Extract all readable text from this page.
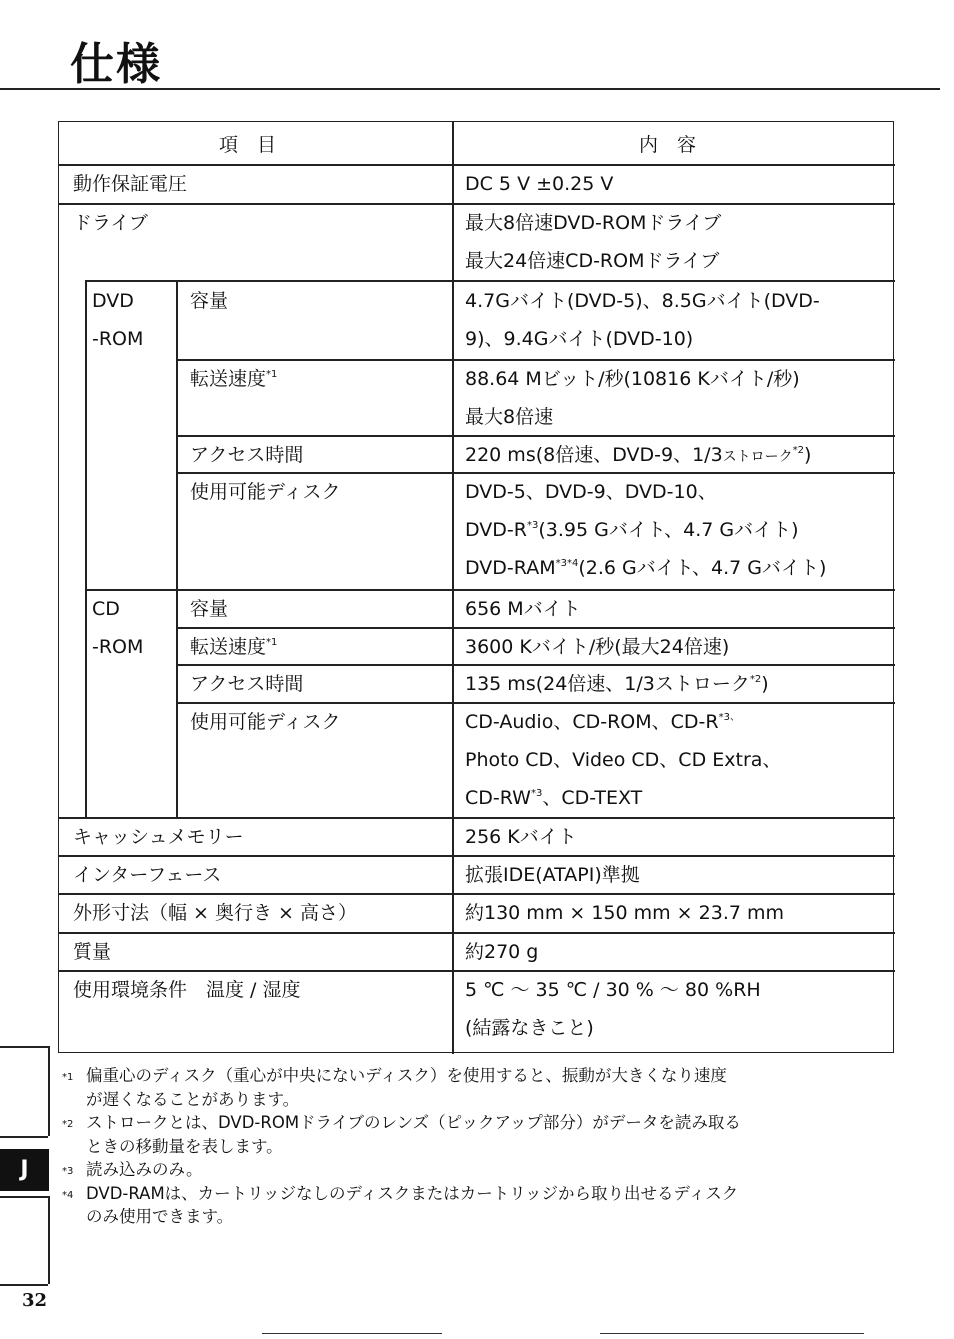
仕様
項　目	内　容
動作保証電圧	DC 5 V ±0.25 V
ドライブ	最大8倍速DVD-ROMドライブ
最大24倍速CD-ROMドライブ
DVD
-ROM
容量	4.7Gバイト(DVD-5)、8.5Gバイト(DVD-
9)、9.4Gバイト(DVD-10)
転送速度$^{*1}$	88.64 Mビット/秒(10816 Kバイト/秒)
最大8倍速
アクセス時間	220 ms(8倍速、DVD-9、1/3ストローク$^{*2}$)
使用可能ディスク	DVD-5、DVD-9、DVD-10、
DVD-$R^{*3}(3.95$ Gバイト、4.7 Gバイト)
DVD-$RAM^{*3*4}(2.6$ Gバイト、4.7 Gバイト)
CD
-ROM
容量	656 Mバイト
転送速度$^{*1}$	3600 Kバイト/秒(最大24倍速)
アクセス時間	135 ms(24倍速、1/3ストローク$^{*2}$)
使用可能ディスク	CD-Audio、CD-ROM、$CD-R^{*3、}$
Photo CD、Video CD、CD Extra、
CD-RW$^{*3}$、CD-TEXT
キャッシュメモリー	256 Kバイト
インターフェース	拡張IDE(ATAPI)準拠
外形寸法（幅 × 奥行き × 高さ）	約130 mm × 150 mm × 23.7 mm
質量	約270 g
使用環境条件　温度 / 湿度	5 ℃ 〜 35 ℃ / 30 % 〜 80 %RH
(結露なきこと)
*1 偏重心のディスク（重心が中央にないディスク）を使用すると、振動が大きくなり速度
が遅くなることがあります。
*2 ストロークとは、DVD-ROMドライブのレンズ（ピックアップ部分）がデータを読み取る
ときの移動量を表します。
*3 読み込みのみ。
*4 DVD-RAMは、カートリッジなしのディスクまたはカートリッジから取り出せるディスク
のみ使用できます。
J
32
